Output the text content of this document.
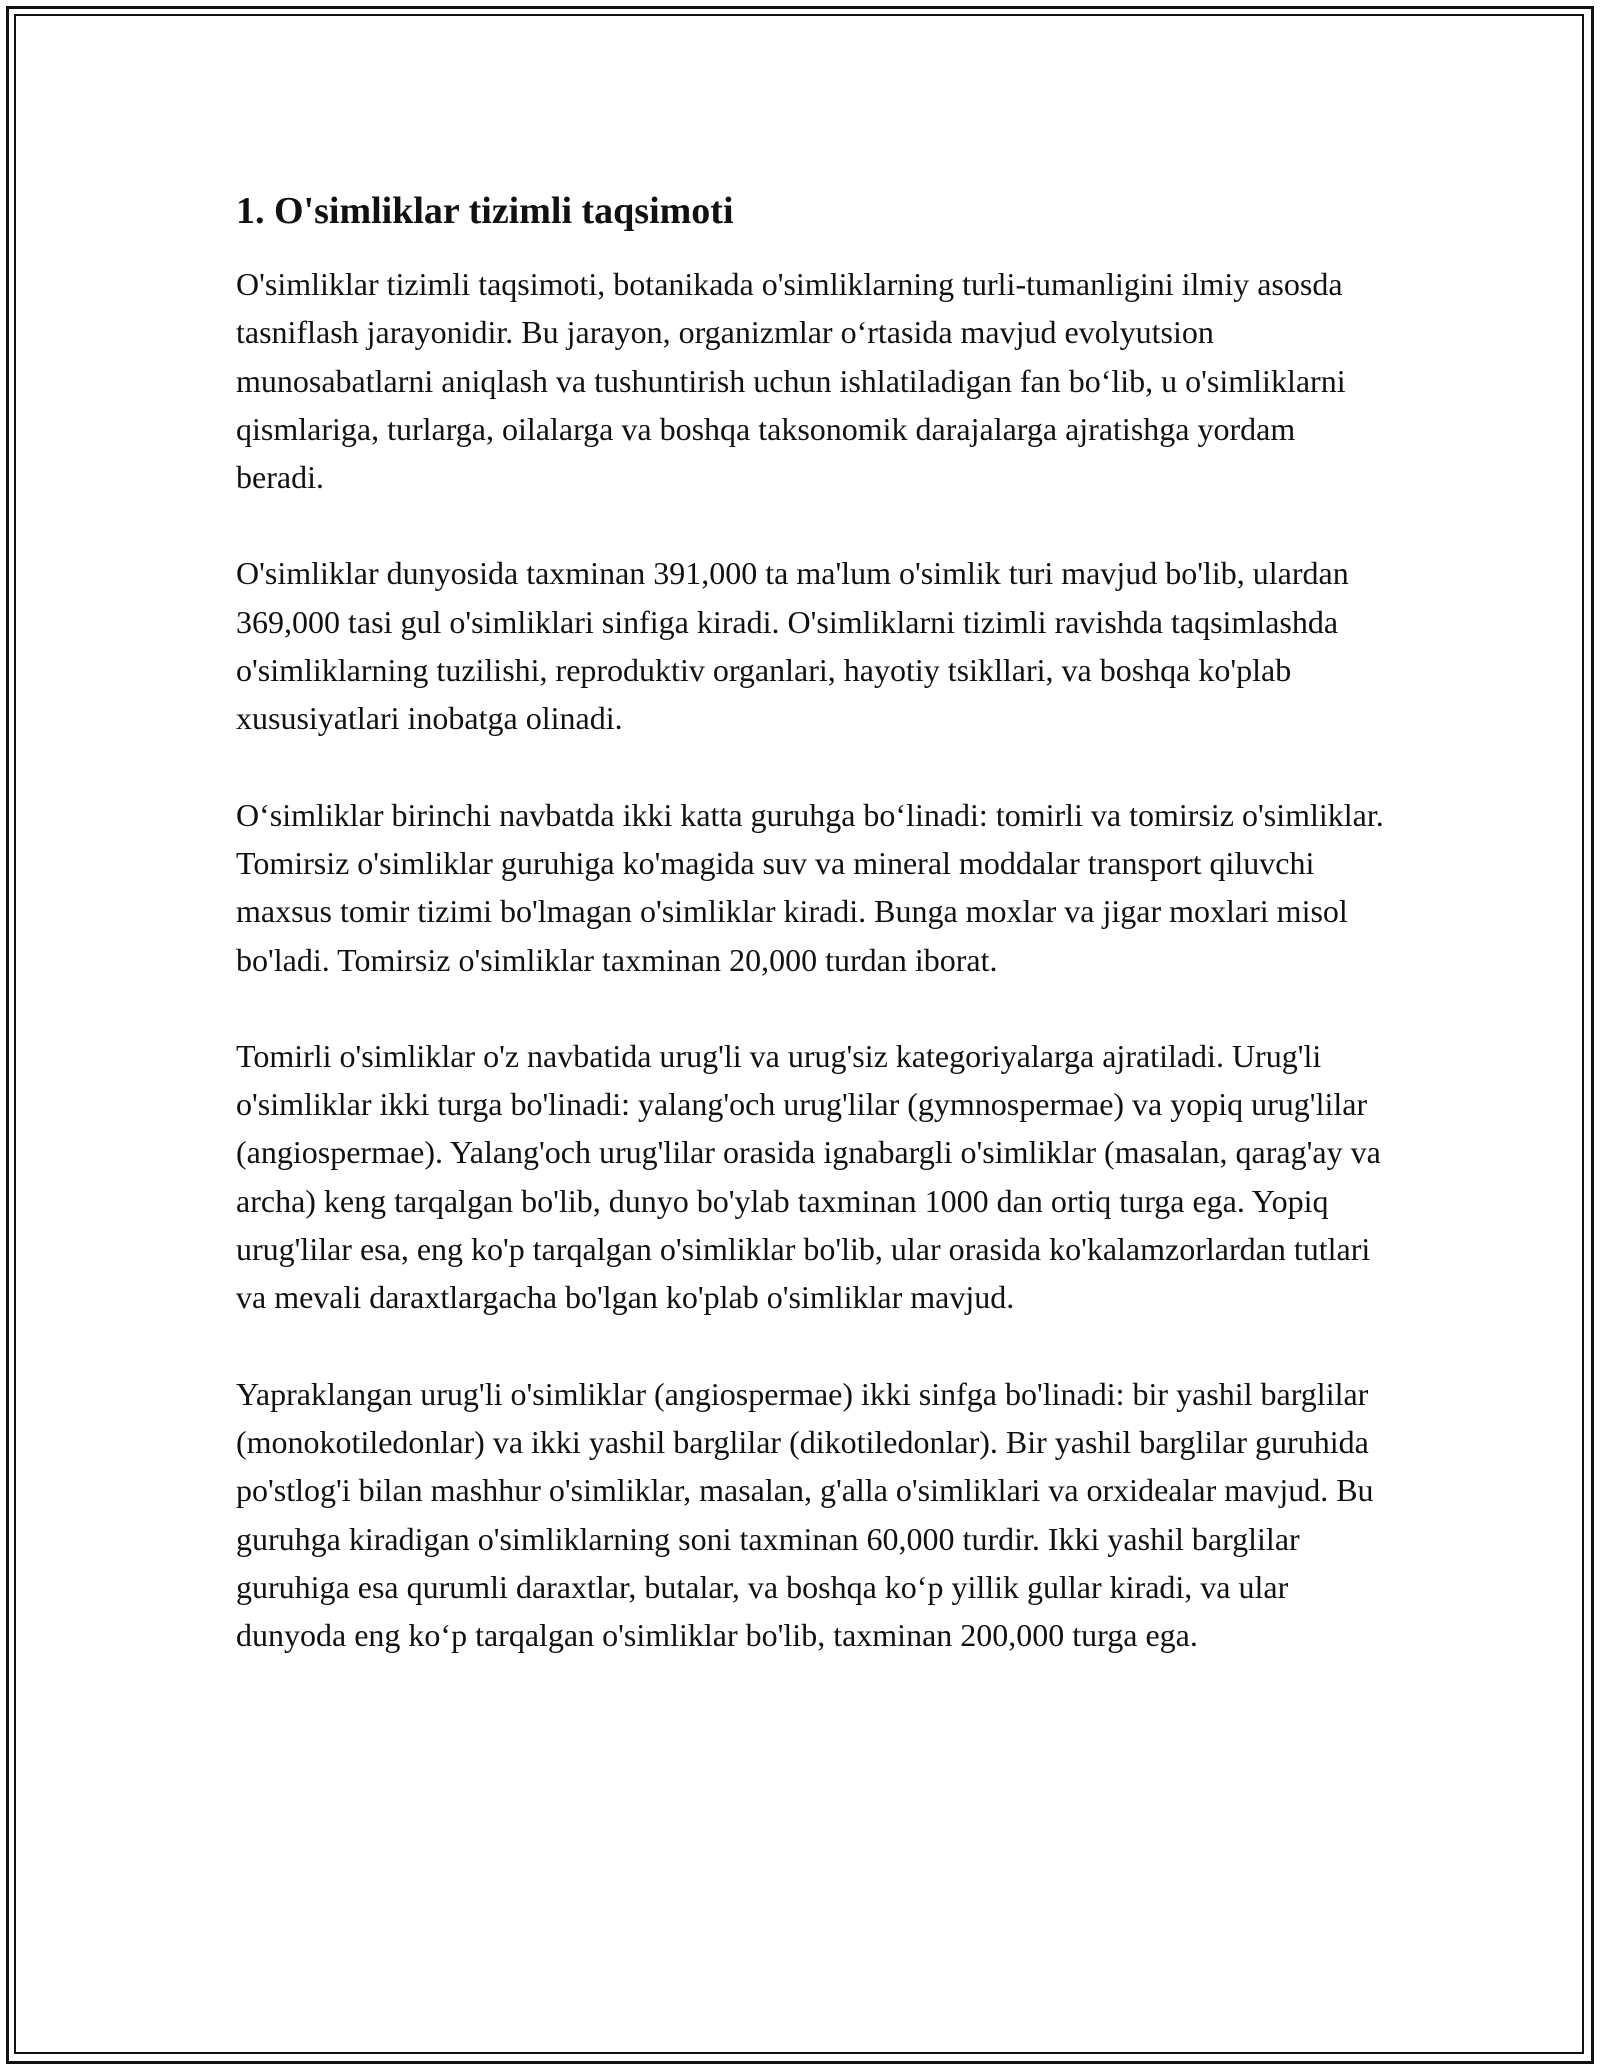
1. O'simliklar tizimli taqsimoti

O'simliklar tizimli taqsimoti, botanikada o'simliklarning turli-tumanligini ilmiy asosda tasniflash jarayonidir. Bu jarayon, organizmlar o‘rtasida mavjud evolyutsion munosabatlarni aniqlash va tushuntirish uchun ishlatiladigan fan bo‘lib, u o'simliklarni qismlariga, turlarga, oilalarga va boshqa taksonomik darajalarga ajratishga yordam beradi.

O'simliklar dunyosida taxminan 391,000 ta ma'lum o'simlik turi mavjud bo'lib, ulardan 369,000 tasi gul o'simliklari sinfiga kiradi. O'simliklarni tizimli ravishda taqsimlashda o'simliklarning tuzilishi, reproduktiv organlari, hayotiy tsikllari, va boshqa ko'plab xususiyatlari inobatga olinadi.

O‘simliklar birinchi navbatda ikki katta guruhga bo‘linadi: tomirli va tomirsiz o'simliklar. Tomirsiz o'simliklar guruhiga ko'magida suv va mineral moddalar transport qiluvchi maxsus tomir tizimi bo'lmagan o'simliklar kiradi. Bunga moxlar va jigar moxlari misol bo'ladi. Tomirsiz o'simliklar taxminan 20,000 turdan iborat.

Tomirli o'simliklar o'z navbatida urug'li va urug'siz kategoriyalarga ajratiladi. Urug'li o'simliklar ikki turga bo'linadi: yalang'och urug'lilar (gymnospermae) va yopiq urug'lilar (angiospermae). Yalang'och urug'lilar orasida ignabargli o'simliklar (masalan, qarag'ay va archa) keng tarqalgan bo'lib, dunyo bo'ylab taxminan 1000 dan ortiq turga ega. Yopiq urug'lilar esa, eng ko'p tarqalgan o'simliklar bo'lib, ular orasida ko'kalamzorlardan tutlari va mevali daraxtlargacha bo'lgan ko'plab o'simliklar mavjud.

Yapraklangan urug'li o'simliklar (angiospermae) ikki sinfga bo'linadi: bir yashil barglilar (monokotiledonlar) va ikki yashil barglilar (dikotiledonlar). Bir yashil barglilar guruhida po'stlog'i bilan mashhur o'simliklar, masalan, g'alla o'simliklari va orxidealar mavjud. Bu guruhga kiradigan o'simliklarning soni taxminan 60,000 turdir. Ikki yashil barglilar guruhiga esa qurumli daraxtlar, butalar, va boshqa ko‘p yillik gullar kiradi, va ular dunyoda eng ko‘p tarqalgan o'simliklar bo'lib, taxminan 200,000 turga ega.
